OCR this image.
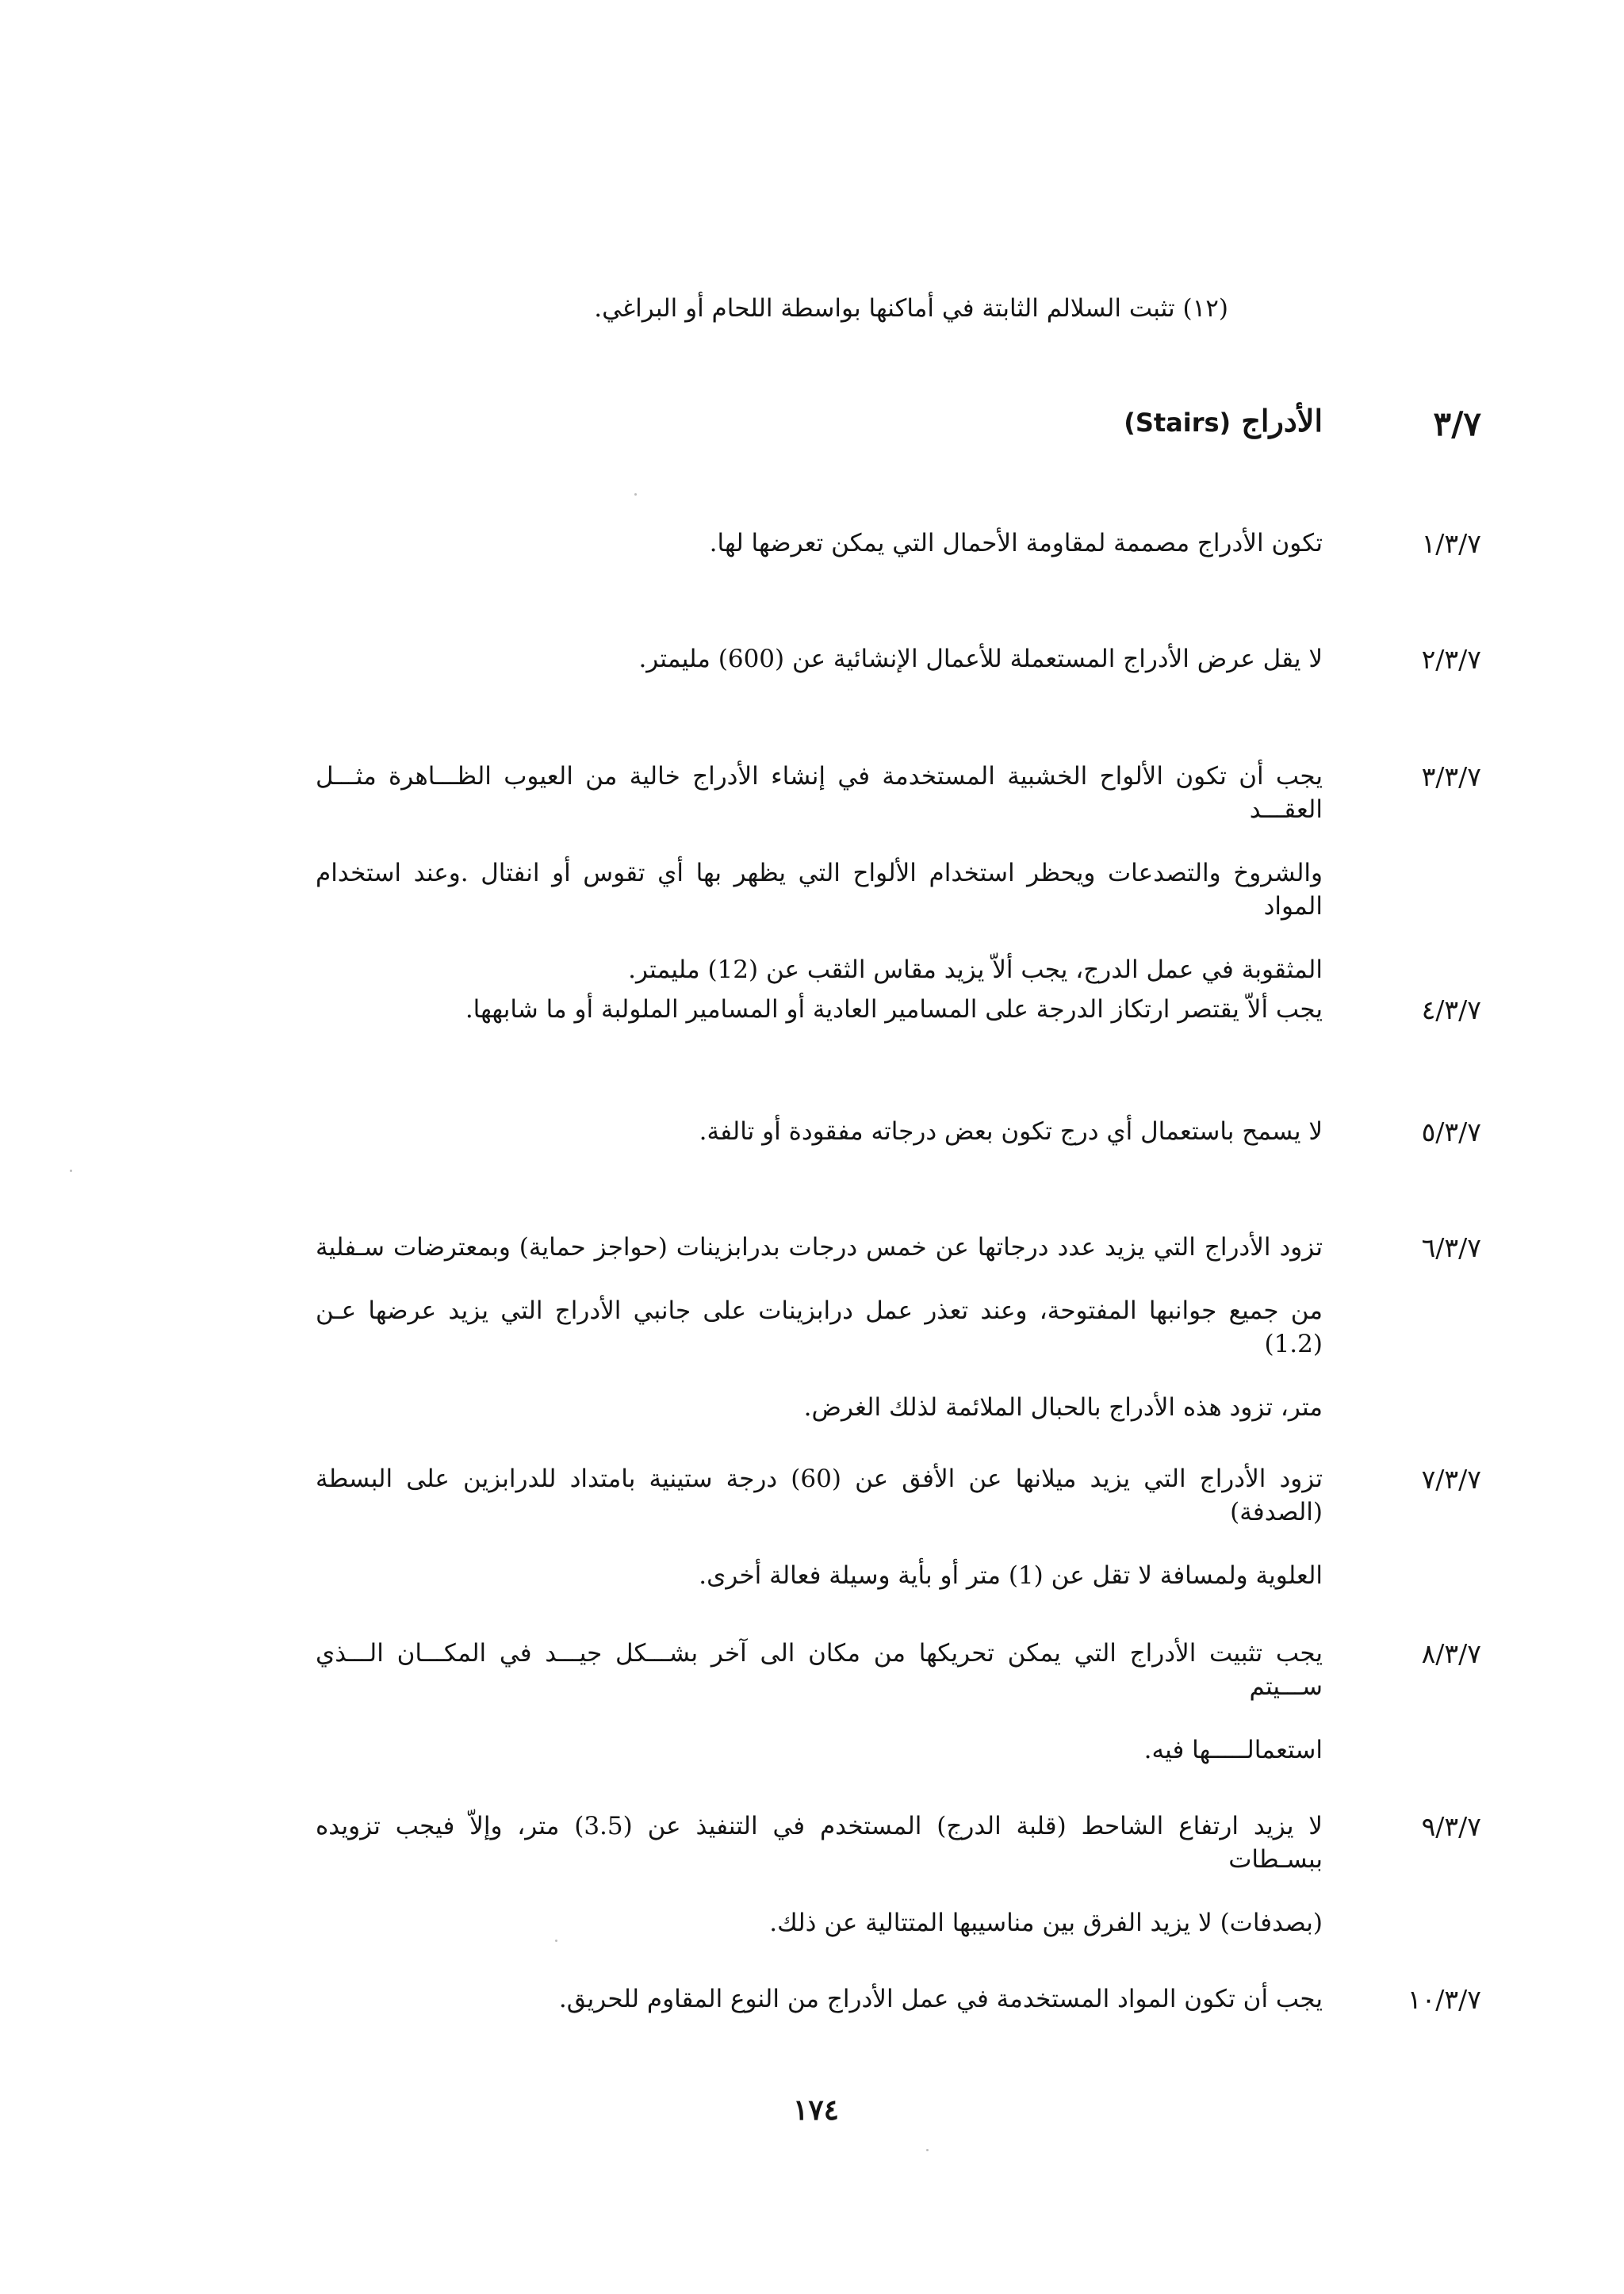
(١٢) تثبت السلالم الثابتة في أماكنها بواسطة اللحام أو البراغي.
٣/٧
الأدراج (Stairs)
١/٣/٧
تكون الأدراج مصممة لمقاومة الأحمال التي يمكن تعرضها لها.
٢/٣/٧
لا يقل عرض الأدراج المستعملة للأعمال الإنشائية عن (600) مليمتر.
٣/٣/٧
يجب أن تكون الألواح الخشبية المستخدمة في إنشاء الأدراج خالية من العيوب الظـــاهرة مثـــل العقـــد
والشروخ والتصدعات ويحظر استخدام الألواح التي يظهر بها أي تقوس أو انفتال .وعند استخدام المواد
المثقوبة في عمل الدرج، يجب ألاّ يزيد مقاس الثقب عن (12) مليمتر.
٤/٣/٧
يجب ألاّ يقتصر ارتكاز الدرجة على المسامير العادية أو المسامير الملولبة أو ما شابهها.
٥/٣/٧
لا يسمح باستعمال أي درج تكون بعض درجاته مفقودة أو تالفة.
٦/٣/٧
تزود الأدراج التي يزيد عدد درجاتها عن خمس درجات بدرابزينات (حواجز حماية) وبمعترضات سـفلية
من جميع جوانبها المفتوحة، وعند تعذر عمل درابزينات على جانبي الأدراج التي يزيد عرضها عـن (1.2)
متر، تزود هذه الأدراج بالحبال الملائمة لذلك الغرض.
٧/٣/٧
تزود الأدراج التي يزيد ميلانها عن الأفق عن (60) درجة ستينية بامتداد للدرابزين على البسطة (الصدفة)
العلوية ولمسافة لا تقل عن (1) متر أو بأية وسيلة فعالة أخرى.
٨/٣/٧
يجب تثبيت الأدراج التي يمكن تحريكها من مكان الى آخر بشـــكل جيـــد في المكـــان الـــذي ســـيتم
استعمالـــــها فيه.
٩/٣/٧
لا يزيد ارتفاع الشاحط (قلبة الدرج) المستخدم في التنفيذ عن (3.5) متر، وإلاّ فيجب تزويده ببسـطات
(بصدفات) لا يزيد الفرق بين مناسيبها المتتالية عن ذلك.
١٠/٣/٧
يجب أن تكون المواد المستخدمة في عمل الأدراج من النوع المقاوم للحريق.
١٧٤
